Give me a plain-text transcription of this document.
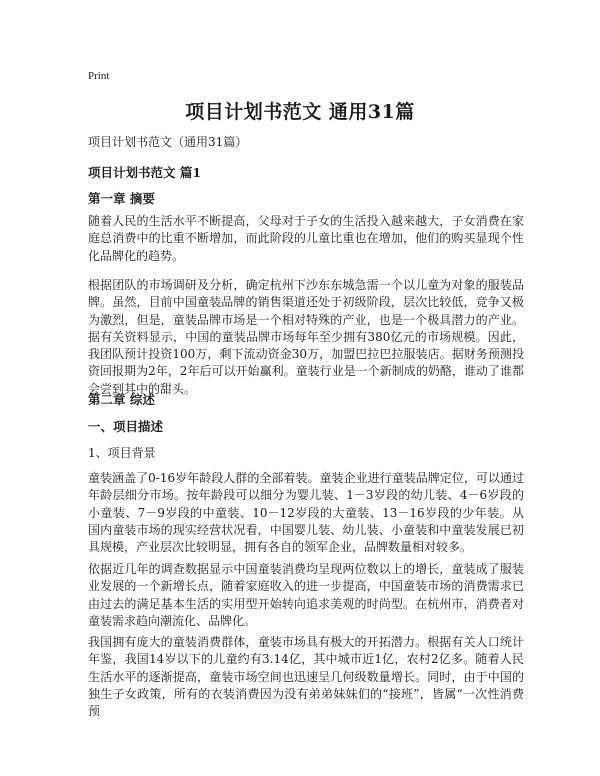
Print
项目计划书范文 通用31篇
项目计划书范文（通用31篇）
项目计划书范文 篇1
第一章 摘要
随着人民的生活水平不断提高，父母对于子女的生活投入越来越大，子女消费在家庭总消费中的比重不断增加，而此阶段的儿童比重也在增加，他们的购买显现个性化品牌化的趋势。
根据团队的市场调研及分析，确定杭州下沙东东城急需一个以儿童为对象的服装品牌。虽然，目前中国童装品牌的销售渠道还处于初级阶段，层次比较低，竞争又极为激烈，但是，童装品牌市场是一个相对特殊的产业，也是一个极具潜力的产业。据有关资料显示，中国的童装品牌市场每年至少拥有380亿元的市场规模。因此，我团队预计投资100万，剩下流动资金30万，加盟巴拉巴拉服装店。据财务预测投资回报期为2年，2年后可以开始赢利。童装行业是一个新制成的奶酪，谁动了谁都会尝到其中的甜头。
第二章 综述
一、项目描述
1、项目背景
童装涵盖了0-16岁年龄段人群的全部着装。童装企业进行童装品牌定位，可以通过年龄层细分市场。按年龄段可以细分为婴儿装、1－3岁段的幼儿装、4－6岁段的小童装、7－9岁段的中童装、10－12岁段的大童装、13－16岁段的少年装。从国内童装市场的现实经营状况看，中国婴儿装、幼儿装、小童装和中童装发展已初具规模，产业层次比较明显，拥有各自的领军企业，品牌数量相对较多。
依据近几年的调查数据显示中国童装消费均呈现两位数以上的增长，童装成了服装业发展的一个新增长点，随着家庭收入的进一步提高，中国童装市场的消费需求已由过去的满足基本生活的实用型开始转向追求美观的时尚型。在杭州市，消费者对童装需求趋向潮流化、品牌化。
我国拥有庞大的童装消费群体，童装市场具有极大的开拓潜力。根据有关人口统计年鉴，我国14岁以下的儿童约有3.14亿，其中城市近1亿，农村2亿多。随着人民生活水平的逐渐提高，童装市场空间也迅速呈几何级数量增长。同时，由于中国的独生子女政策，所有的衣装消费因为没有弟弟妹妹们的“接班”，皆属“一次性消费预
